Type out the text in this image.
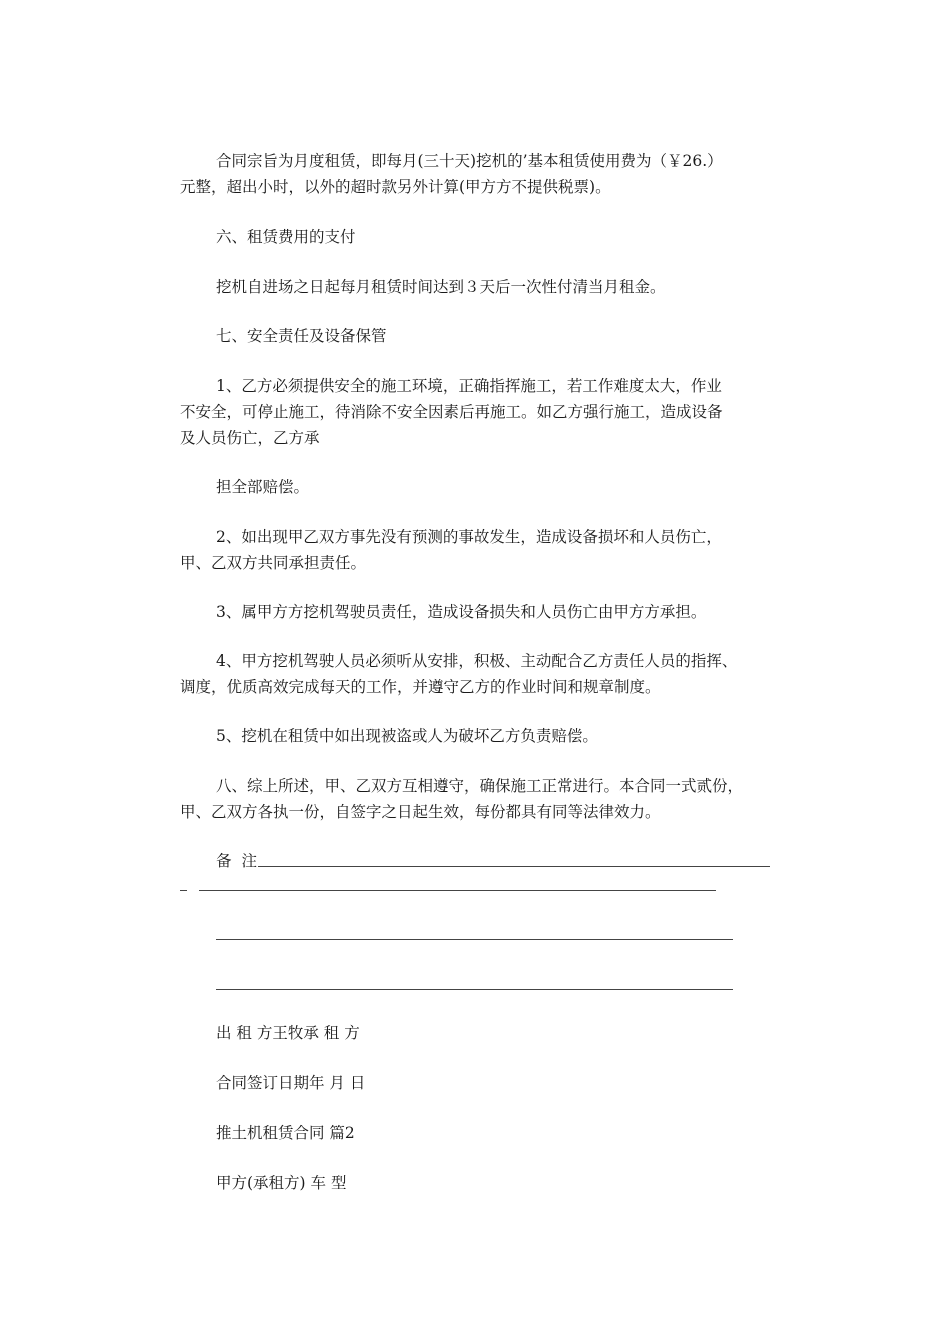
合同宗旨为月度租赁，即每月(三十天)挖机的’基本租赁使用费为（￥26.）
元整，超出小时，以外的超时款另外计算(甲方方不提供税票)。
六、租赁费用的支付
挖机自进场之日起每月租赁时间达到３天后一次性付清当月租金。
七、安全责任及设备保管
1、乙方必须提供安全的施工环境，正确指挥施工，若工作难度太大，作业
不安全，可停止施工，待消除不安全因素后再施工。如乙方强行施工，造成设备
及人员伤亡，乙方承
担全部赔偿。
2、如出现甲乙双方事先没有预测的事故发生，造成设备损坏和人员伤亡，
甲、乙双方共同承担责任。
3、属甲方方挖机驾驶员责任，造成设备损失和人员伤亡由甲方方承担。
4、甲方挖机驾驶人员必须听从安排，积极、主动配合乙方责任人员的指挥、
调度，优质高效完成每天的工作，并遵守乙方的作业时间和规章制度。
5、挖机在租赁中如出现被盗或人为破坏乙方负责赔偿。
八、综上所述，甲、乙双方互相遵守，确保施工正常进行。本合同一式贰份，
甲、乙双方各执一份，自签字之日起生效，每份都具有同等法律效力。
备 注
出 租 方王牧承 租 方
合同签订日期年 月 日
推土机租赁合同 篇2
甲方(承租方) 车 型
